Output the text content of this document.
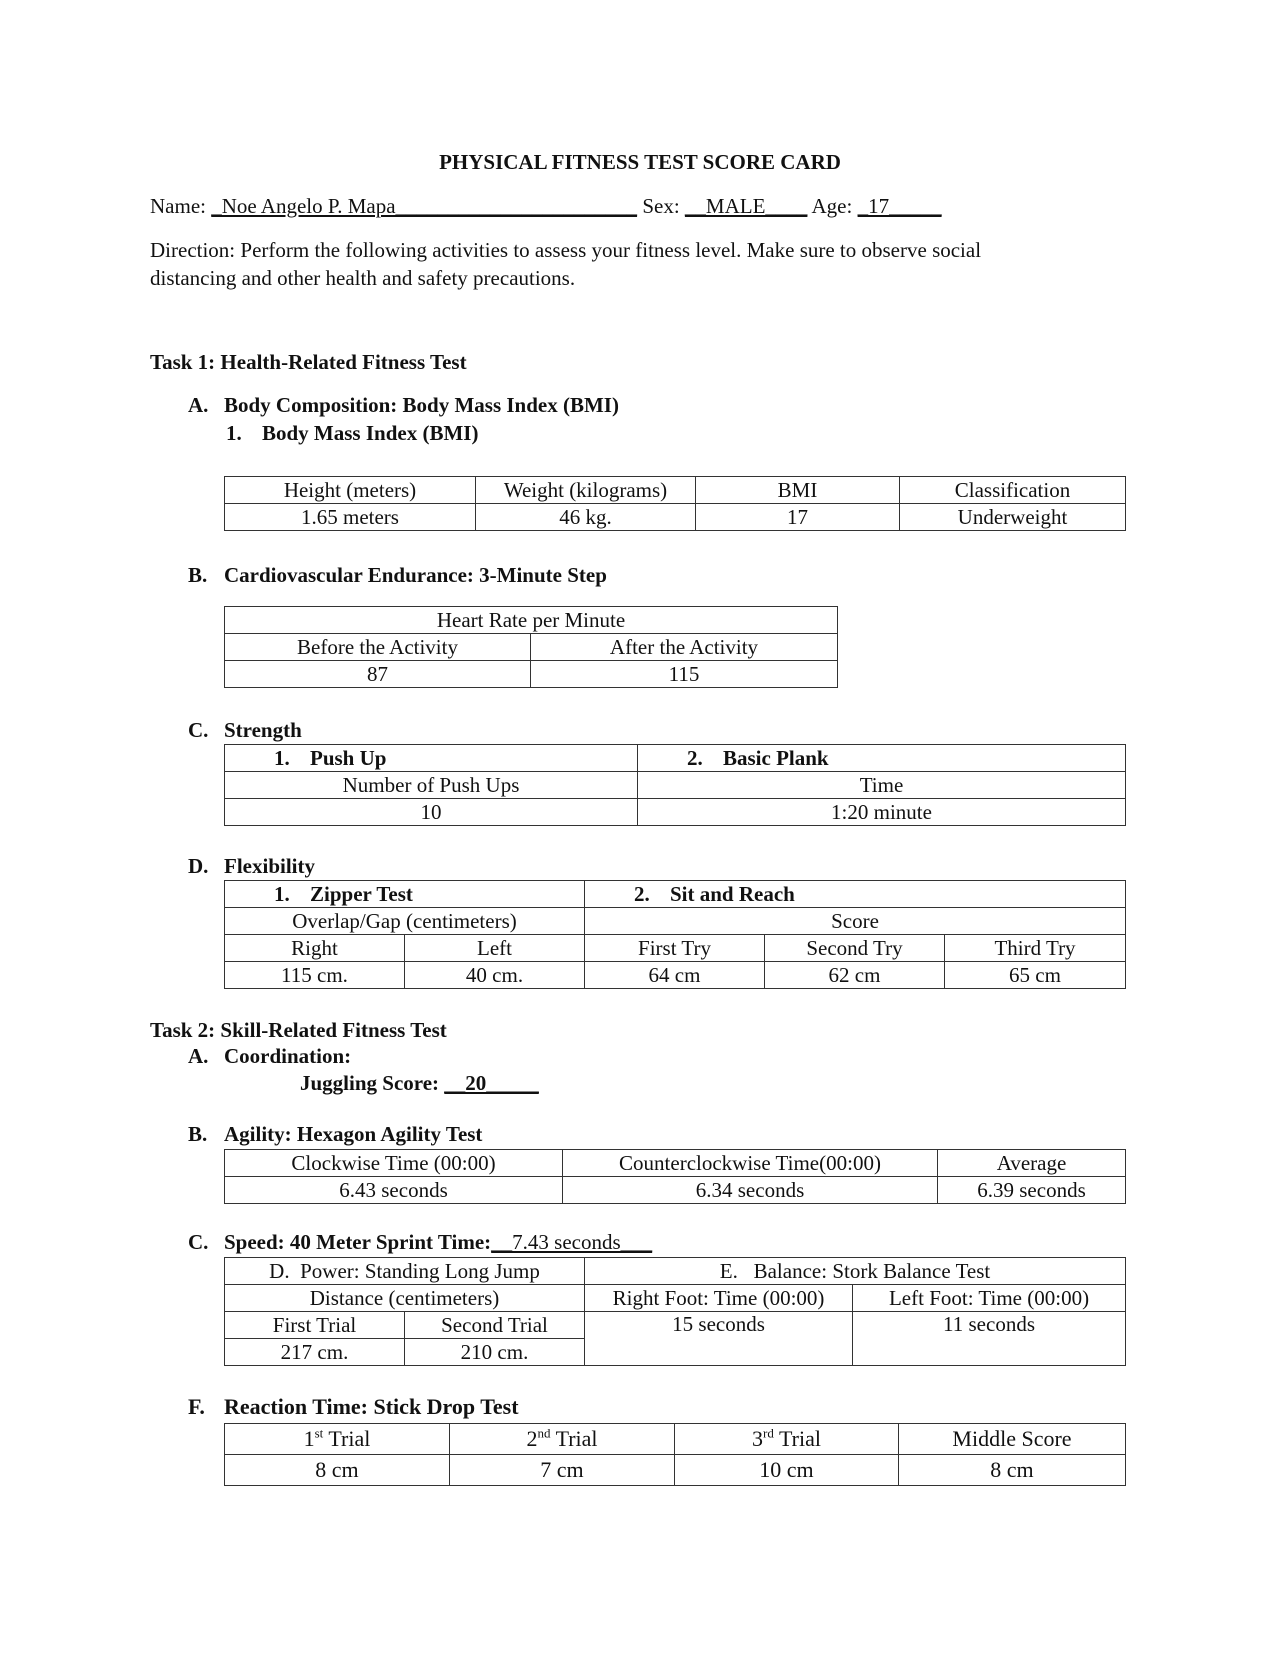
PHYSICAL FITNESS TEST SCORE CARD
Name: _Noe Angelo P. Mapa_______________________ Sex: __MALE____ Age: _17_____
Direction: Perform the following activities to assess your fitness level. Make sure to observe social
distancing and other health and safety precautions.
Task 1: Health-Related Fitness Test
A. Body Composition: Body Mass Index (BMI)
1. Body Mass Index (BMI)
Height (meters)	Weight (kilograms)	BMI	Classification
1.65 meters	46 kg.	17	Underweight
B. Cardiovascular Endurance: 3-Minute Step
Heart Rate per Minute	
Before the Activity	After the Activity
87	115
C. Strength
1. Push Up	2. Basic Plank
Number of Push Ups	Time
10	1:20 minute
D. Flexibility
1. Zipper Test		2. Sit and Reach		
Overlap/Gap (centimeters)		Score		
Right	Left	First Try	Second Try	Third Try
115 cm.	40 cm.	64 cm	62 cm	65 cm
Task 2: Skill-Related Fitness Test
A. Coordination:
Juggling Score: __20_____
B. Agility: Hexagon Agility Test
Clockwise Time (00:00)	Counterclockwise Time(00:00)	Average
6.43 seconds	6.34 seconds	6.39 seconds
C. Speed: 40 Meter Sprint Time:__7.43 seconds___
D. Power: Standing Long Jump		E. Balance: Stork Balance Test	
Distance (centimeters)		Right Foot: Time (00:00)	Left Foot: Time (00:00)
First Trial	Second Trial	15 seconds	11 seconds
217 cm.	210 cm.		
F. Reaction Time: Stick Drop Test
1st Trial	2nd Trial	3rd Trial	Middle Score
8 cm	7 cm	10 cm	8 cm
